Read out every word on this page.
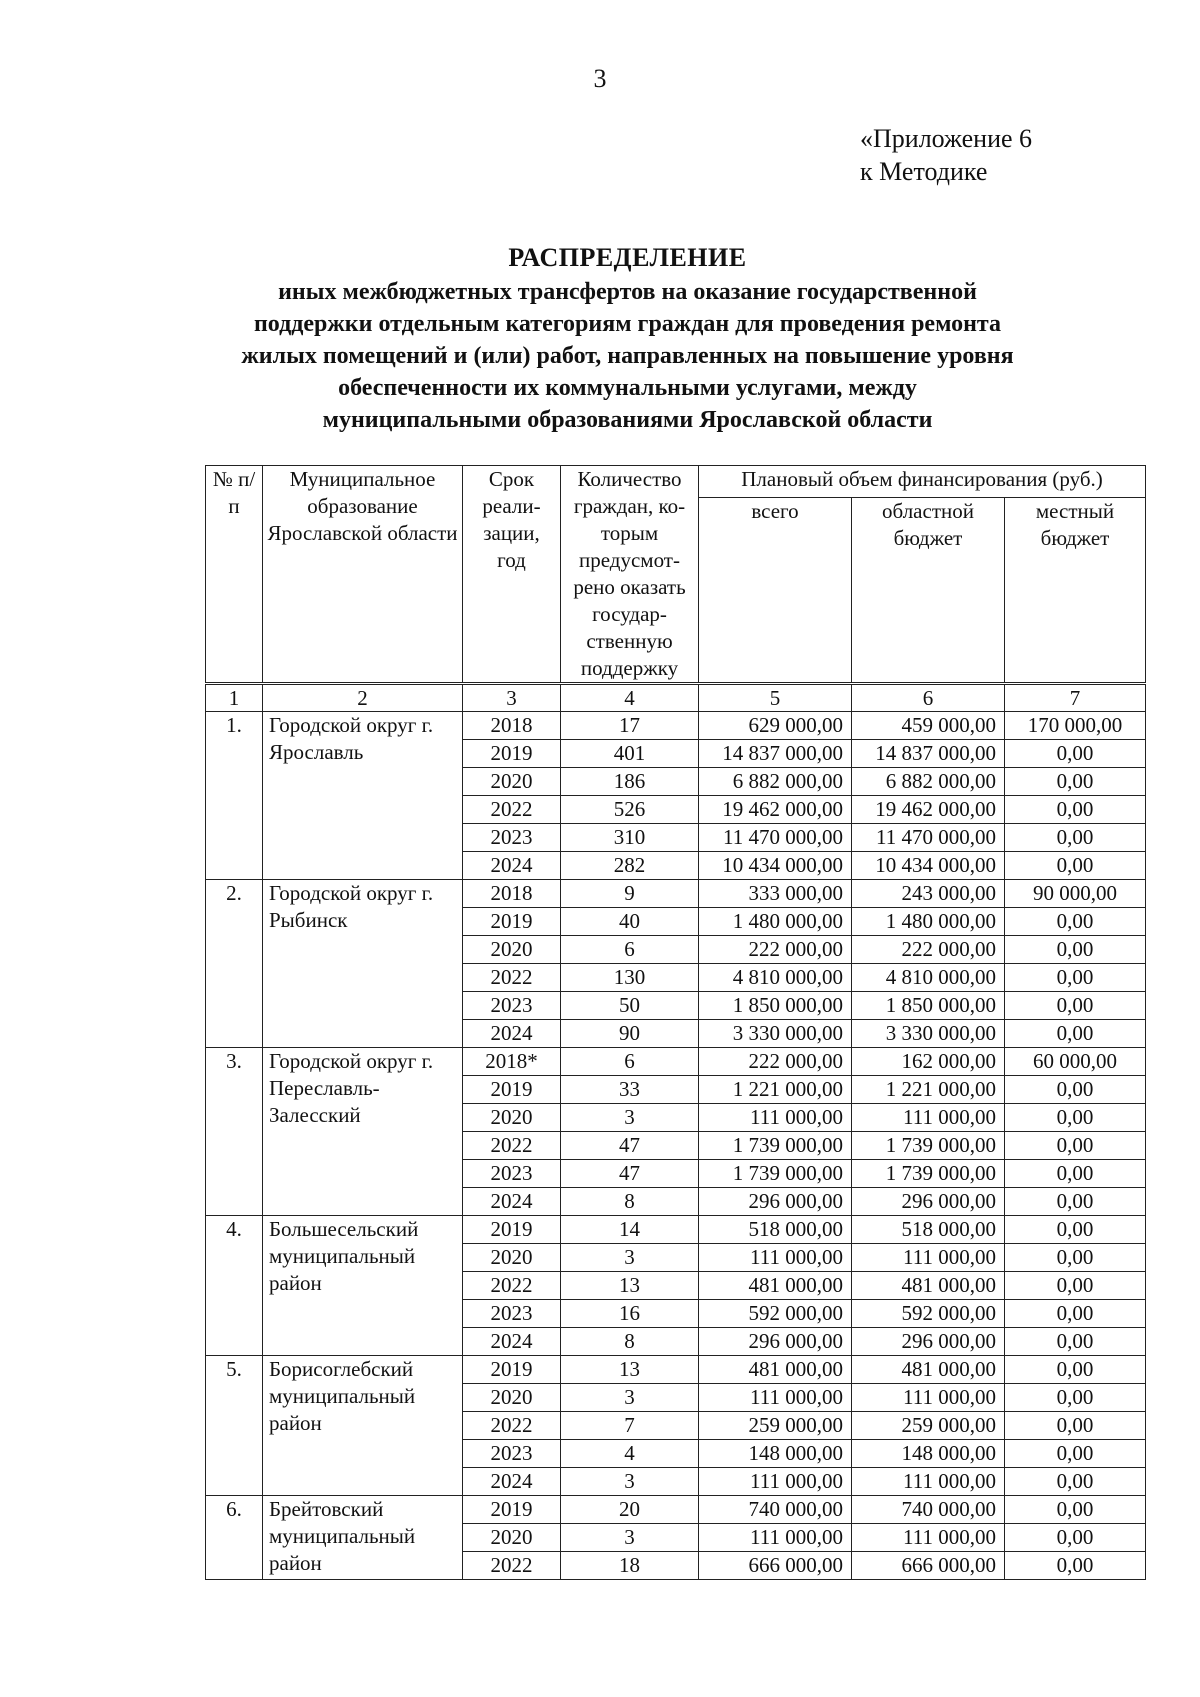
3
«Приложение 6
к Методике
РАСПРЕДЕЛЕНИЕ

иных межбюджетных трансфертов на оказание государственной

поддержки отдельным категориям граждан для проведения ремонта

жилых помещений и (или) работ, направленных на повышение уровня

обеспеченности их коммунальными услугами, между

муниципальными образованиями Ярославской области

№ п/п	Муниципальное образование Ярославской области	Срок реали- зации, год	Количество граждан, ко- торым предусмот- рено оказать государ- ственную поддержку	Плановый объем финансирования (руб.)		
				всего	областной бюджет	местный бюджет
1	2	3	4	5	6	7
1.	Городской округ г. Ярославль	2018	17	629 000,00	459 000,00	170 000,00
		2019	401	14 837 000,00	14 837 000,00	0,00
		2020	186	6 882 000,00	6 882 000,00	0,00
		2022	526	19 462 000,00	19 462 000,00	0,00
		2023	310	11 470 000,00	11 470 000,00	0,00
		2024	282	10 434 000,00	10 434 000,00	0,00
2.	Городской округ г. Рыбинск	2018	9	333 000,00	243 000,00	90 000,00
		2019	40	1 480 000,00	1 480 000,00	0,00
		2020	6	222 000,00	222 000,00	0,00
		2022	130	4 810 000,00	4 810 000,00	0,00
		2023	50	1 850 000,00	1 850 000,00	0,00
		2024	90	3 330 000,00	3 330 000,00	0,00
3.	Городской округ г. Переславль- Залесский	2018*	6	222 000,00	162 000,00	60 000,00
		2019	33	1 221 000,00	1 221 000,00	0,00
		2020	3	111 000,00	111 000,00	0,00
		2022	47	1 739 000,00	1 739 000,00	0,00
		2023	47	1 739 000,00	1 739 000,00	0,00
		2024	8	296 000,00	296 000,00	0,00
4.	Большесельский муниципальный район	2019	14	518 000,00	518 000,00	0,00
		2020	3	111 000,00	111 000,00	0,00
		2022	13	481 000,00	481 000,00	0,00
		2023	16	592 000,00	592 000,00	0,00
		2024	8	296 000,00	296 000,00	0,00
5.	Борисоглебский муниципальный район	2019	13	481 000,00	481 000,00	0,00
		2020	3	111 000,00	111 000,00	0,00
		2022	7	259 000,00	259 000,00	0,00
		2023	4	148 000,00	148 000,00	0,00
		2024	3	111 000,00	111 000,00	0,00
6.	Брейтовский муниципальный район	2019	20	740 000,00	740 000,00	0,00
		2020	3	111 000,00	111 000,00	0,00
		2022	18	666 000,00	666 000,00	0,00
